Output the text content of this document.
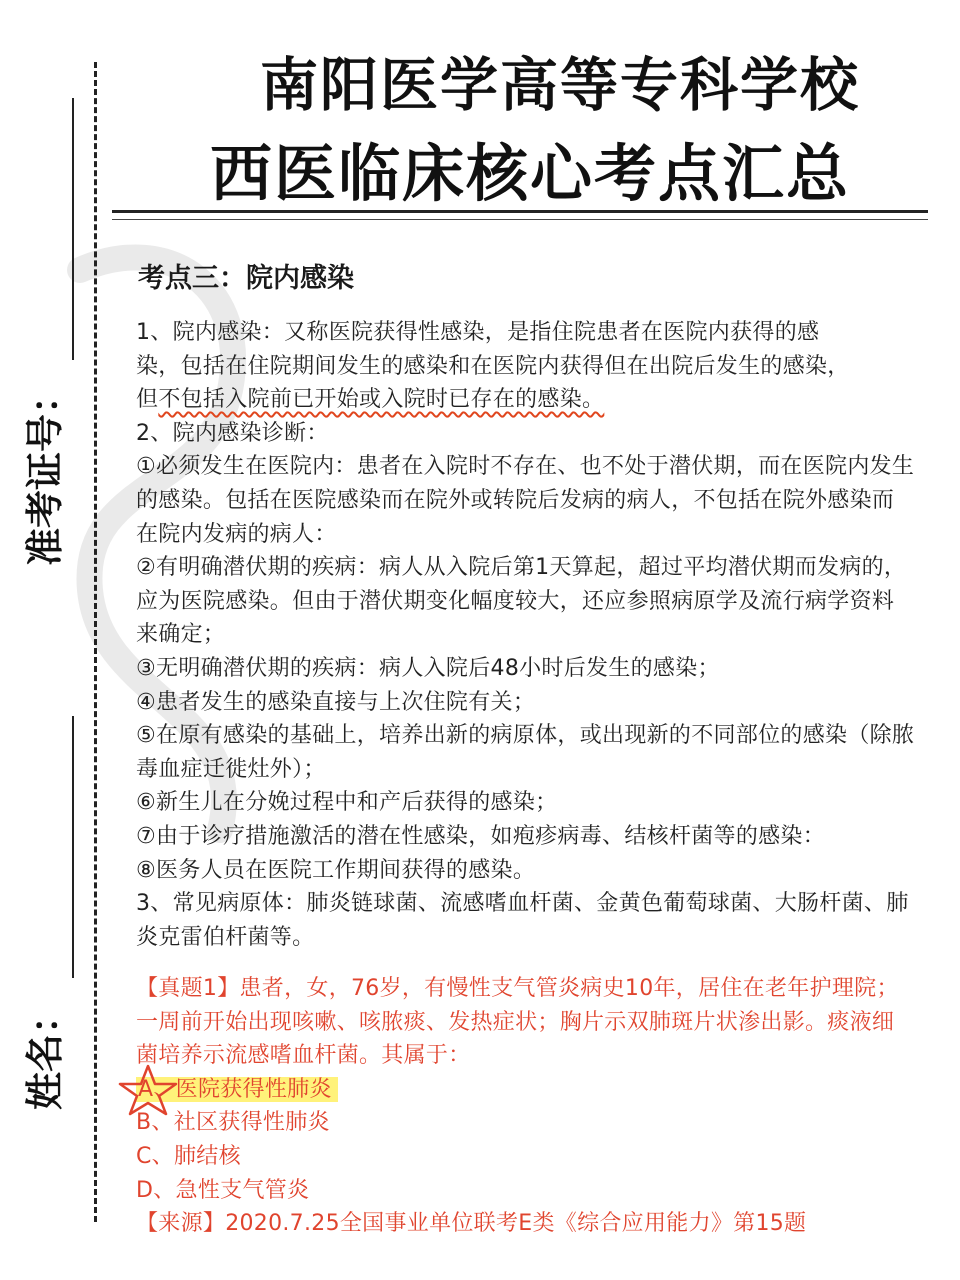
准考证号：
姓名：
南阳医学高等专科学校
西医临床核心考点汇总
考点三：院内感染

1、院内感染：又称医院获得性感染，是指住院患者在医院内获得的感

染，包括在住院期间发生的感染和在医院内获得但在出院后发生的感染，

但不包括入院前已开始或入院时已存在的感染。

2、院内感染诊断：

①必须发生在医院内：患者在入院时不存在、也不处于潜伏期，而在医院内发生的感染。包括在医院感染而在院外或转院后发病的病人，不包括在院外感染而在院内发病的病人：

②有明确潜伏期的疾病：病人从入院后第1天算起，超过平均潜伏期而发病的，应为医院感染。但由于潜伏期变化幅度较大，还应参照病原学及流行病学资料来确定；

③无明确潜伏期的疾病：病人入院后48小时后发生的感染；

④患者发生的感染直接与上次住院有关；

⑤在原有感染的基础上，培养出新的病原体，或出现新的不同部位的感染（除脓毒血症迁徙灶外）；

⑥新生儿在分娩过程中和产后获得的感染；

⑦由于诊疗措施激活的潜在性感染，如疱疹病毒、结核杆菌等的感染：

⑧医务人员在医院工作期间获得的感染。

3、常见病原体：肺炎链球菌、流感嗜血杆菌、金黄色葡萄球菌、大肠杆菌、肺炎克雷伯杆菌等。

【真题1】患者，女，76岁，有慢性支气管炎病史10年，居住在老年护理院；一周前开始出现咳嗽、咳脓痰、发热症状；胸片示双肺斑片状渗出影。痰液细菌培养示流感嗜血杆菌。其属于：

A、医院获得性肺炎

B、社区获得性肺炎

C、肺结核

D、急性支气管炎

【来源】2020.7.25全国事业单位联考E类《综合应用能力》第15题
